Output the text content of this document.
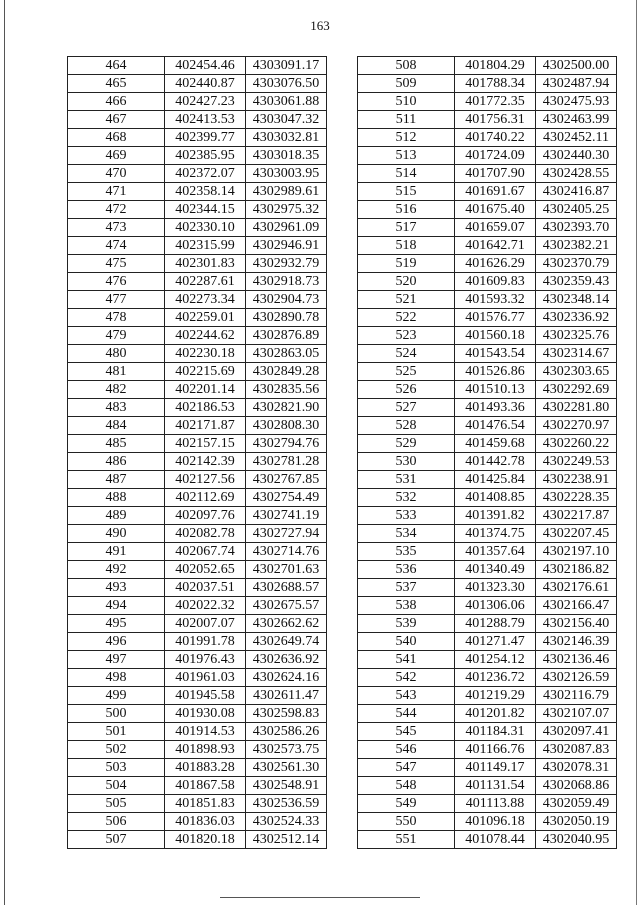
163
464	402454.46	4303091.17
465	402440.87	4303076.50
466	402427.23	4303061.88
467	402413.53	4303047.32
468	402399.77	4303032.81
469	402385.95	4303018.35
470	402372.07	4303003.95
471	402358.14	4302989.61
472	402344.15	4302975.32
473	402330.10	4302961.09
474	402315.99	4302946.91
475	402301.83	4302932.79
476	402287.61	4302918.73
477	402273.34	4302904.73
478	402259.01	4302890.78
479	402244.62	4302876.89
480	402230.18	4302863.05
481	402215.69	4302849.28
482	402201.14	4302835.56
483	402186.53	4302821.90
484	402171.87	4302808.30
485	402157.15	4302794.76
486	402142.39	4302781.28
487	402127.56	4302767.85
488	402112.69	4302754.49
489	402097.76	4302741.19
490	402082.78	4302727.94
491	402067.74	4302714.76
492	402052.65	4302701.63
493	402037.51	4302688.57
494	402022.32	4302675.57
495	402007.07	4302662.62
496	401991.78	4302649.74
497	401976.43	4302636.92
498	401961.03	4302624.16
499	401945.58	4302611.47
500	401930.08	4302598.83
501	401914.53	4302586.26
502	401898.93	4302573.75
503	401883.28	4302561.30
504	401867.58	4302548.91
505	401851.83	4302536.59
506	401836.03	4302524.33
507	401820.18	4302512.14
508	401804.29	4302500.00
509	401788.34	4302487.94
510	401772.35	4302475.93
511	401756.31	4302463.99
512	401740.22	4302452.11
513	401724.09	4302440.30
514	401707.90	4302428.55
515	401691.67	4302416.87
516	401675.40	4302405.25
517	401659.07	4302393.70
518	401642.71	4302382.21
519	401626.29	4302370.79
520	401609.83	4302359.43
521	401593.32	4302348.14
522	401576.77	4302336.92
523	401560.18	4302325.76
524	401543.54	4302314.67
525	401526.86	4302303.65
526	401510.13	4302292.69
527	401493.36	4302281.80
528	401476.54	4302270.97
529	401459.68	4302260.22
530	401442.78	4302249.53
531	401425.84	4302238.91
532	401408.85	4302228.35
533	401391.82	4302217.87
534	401374.75	4302207.45
535	401357.64	4302197.10
536	401340.49	4302186.82
537	401323.30	4302176.61
538	401306.06	4302166.47
539	401288.79	4302156.40
540	401271.47	4302146.39
541	401254.12	4302136.46
542	401236.72	4302126.59
543	401219.29	4302116.79
544	401201.82	4302107.07
545	401184.31	4302097.41
546	401166.76	4302087.83
547	401149.17	4302078.31
548	401131.54	4302068.86
549	401113.88	4302059.49
550	401096.18	4302050.19
551	401078.44	4302040.95
